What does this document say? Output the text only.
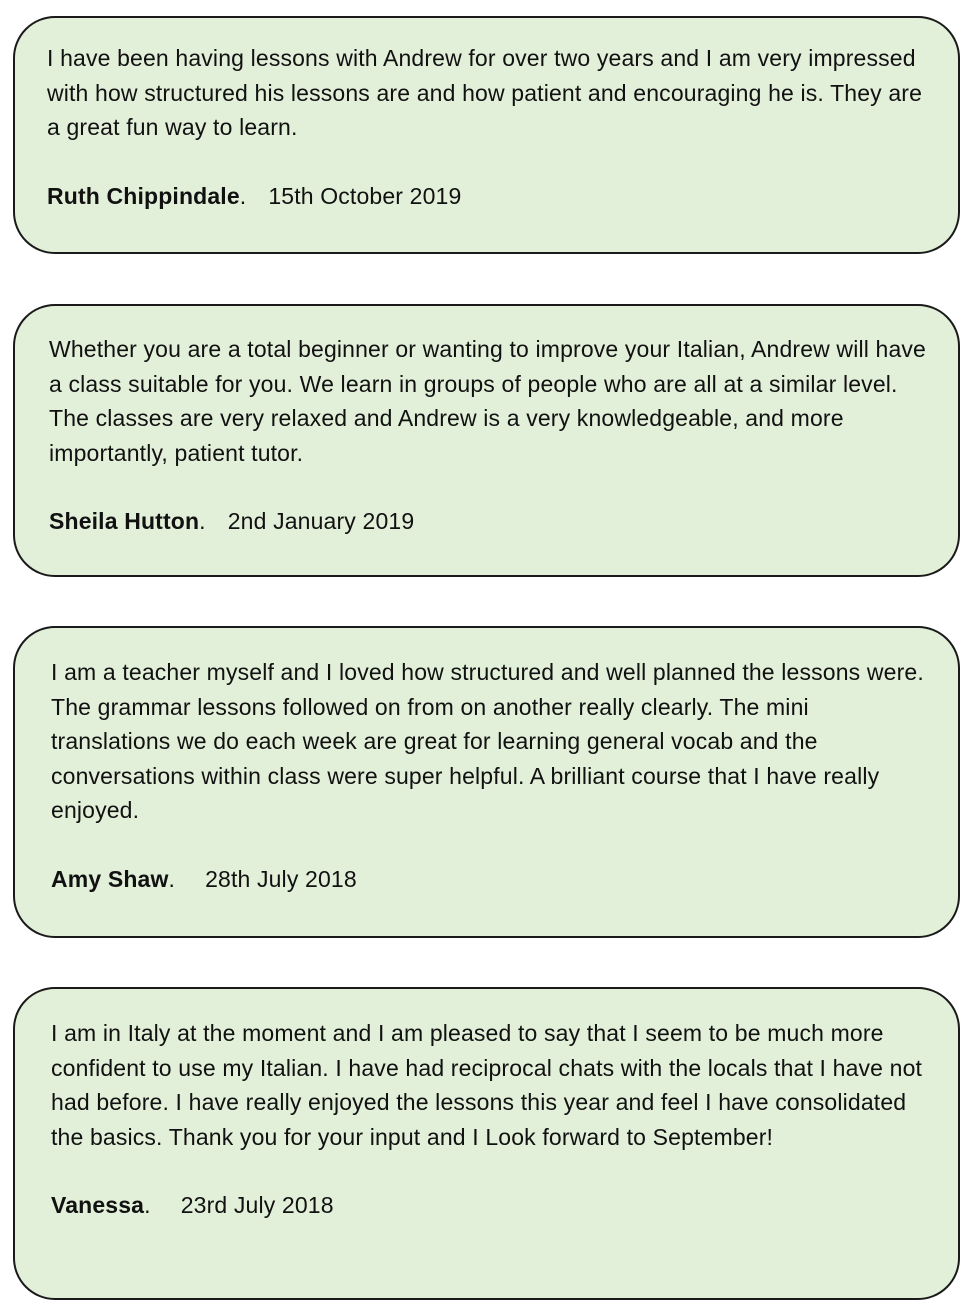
I have been having lessons with Andrew for over two years and I am very impressed with how structured his lessons are and how patient and encouraging he is. They are a great fun way to learn.

Ruth Chippindale. 15th October 2019

Whether you are a total beginner or wanting to improve your Italian, Andrew will have a class suitable for you. We learn in groups of people who are all at a similar level. The classes are very relaxed and Andrew is a very knowledgeable, and more importantly, patient tutor.

Sheila Hutton. 2nd January 2019

I am a teacher myself and I loved how structured and well planned the lessons were. The grammar lessons followed on from on another really clearly. The mini translations we do each week are great for learning general vocab and the conversations within class were super helpful. A brilliant course that I have really enjoyed.

Amy Shaw. 28th July 2018

I am in Italy at the moment and I am pleased to say that I seem to be much more confident to use my Italian. I have had reciprocal chats with the locals that I have not had before. I have really enjoyed the lessons this year and feel I have consolidated the basics. Thank you for your input and I Look forward to September!

Vanessa. 23rd July 2018
